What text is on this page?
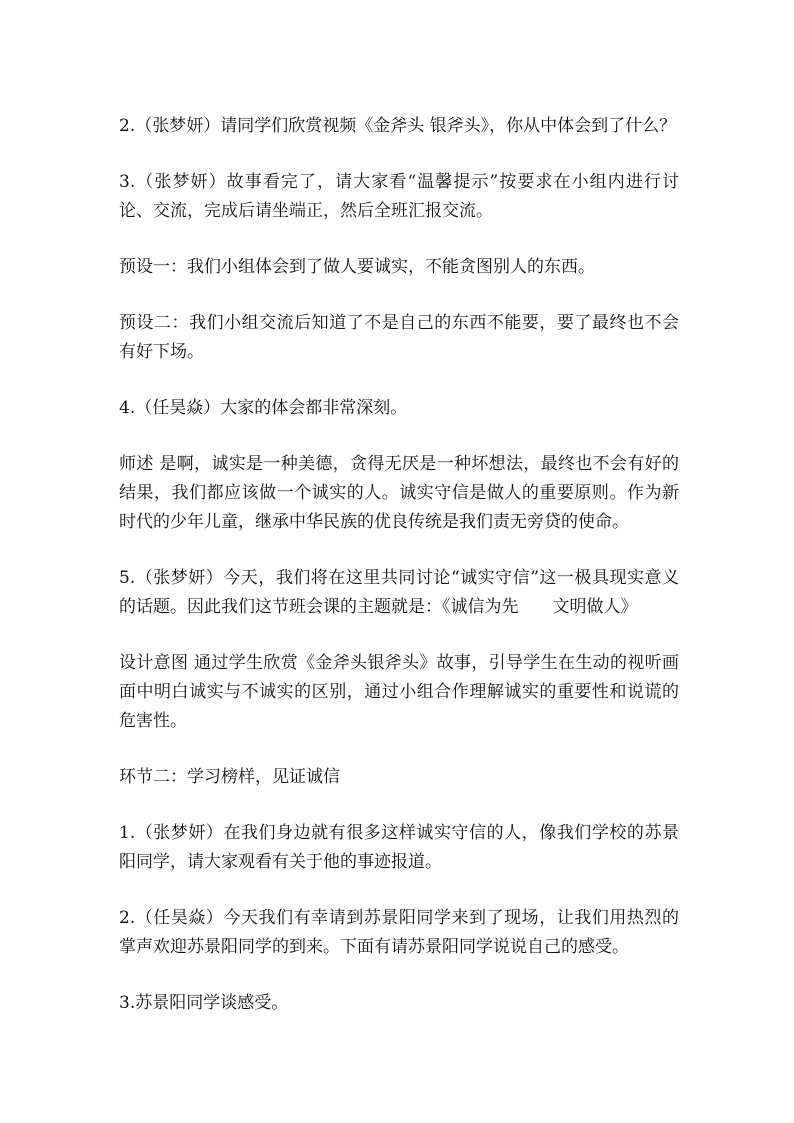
2.（张梦妍）请同学们欣赏视频《金斧头 银斧头》，你从中体会到了什么？

3.（张梦妍）故事看完了，请大家看“温馨提示”按要求在小组内进行讨论、交流，完成后请坐端正，然后全班汇报交流。

预设一：我们小组体会到了做人要诚实，不能贪图别人的东西。

预设二：我们小组交流后知道了不是自己的东西不能要，要了最终也不会有好下场。

4.（任昊焱）大家的体会都非常深刻。

师述 是啊，诚实是一种美德，贪得无厌是一种坏想法，最终也不会有好的结果，我们都应该做一个诚实的人。诚实守信是做人的重要原则。作为新时代的少年儿童，继承中华民族的优良传统是我们责无旁贷的使命。

5.（张梦妍）今天，我们将在这里共同讨论“诚实守信”这一极具现实意义的话题。因此我们这节班会课的主题就是：《诚信为先　　文明做人》

设计意图 通过学生欣赏《金斧头银斧头》故事，引导学生在生动的视听画面中明白诚实与不诚实的区别，通过小组合作理解诚实的重要性和说谎的危害性。

环节二：学习榜样，见证诚信

1.（张梦妍）在我们身边就有很多这样诚实守信的人，像我们学校的苏景阳同学，请大家观看有关于他的事迹报道。

2.（任昊焱）今天我们有幸请到苏景阳同学来到了现场，让我们用热烈的掌声欢迎苏景阳同学的到来。下面有请苏景阳同学说说自己的感受。

3.苏景阳同学谈感受。
